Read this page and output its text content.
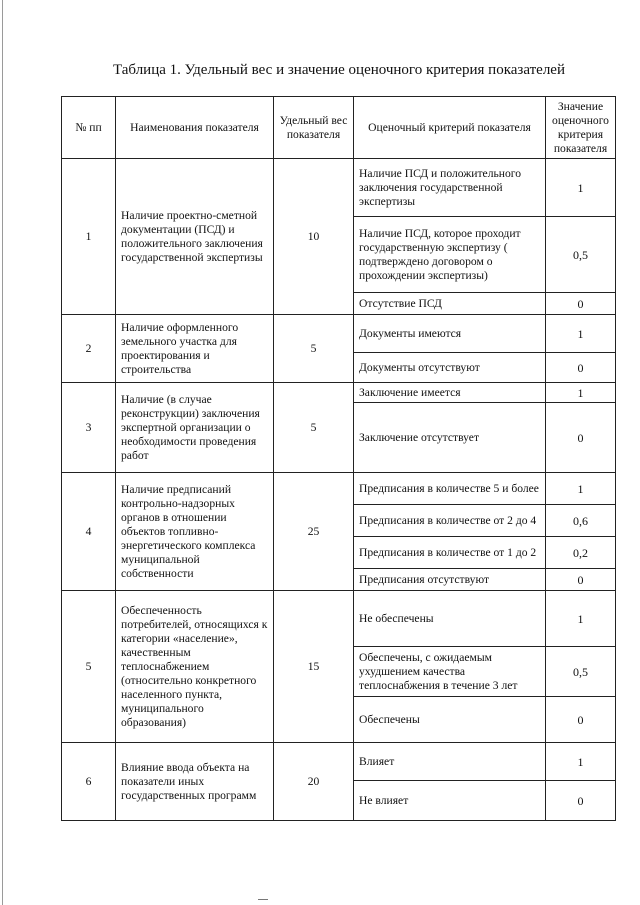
Таблица 1. Удельный вес и значение оценочного критерия показателей
№ пп	Наименования показателя	Удельный вес показателя	Оценочный критерий показателя	Значение оценочного критерия показателя
1	Наличие проектно-сметной документации (ПСД) и положительного заключения государственной экспертизы	10	Наличие ПСД и положительного заключения государственной экспертизы	1
			Наличие ПСД, которое проходит государственную экспертизу ( подтверждено договором о прохождении экспертизы)	0,5
			Отсутствие ПСД	0
2	Наличие оформленного земельного участка для проектирования и строительства	5	Документы имеются	1
			Документы отсутствуют	0
3	Наличие (в случае реконструкции) заключения экспертной организации о необходимости проведения работ	5	Заключение имеется	1
			Заключение отсутствует	0
4	Наличие предписаний контрольно-надзорных органов в отношении объектов топливно-энергетического комплекса муниципальной собственности	25	Предписания в количестве 5 и более	1
			Предписания в количестве от 2 до 4	0,6
			Предписания в количестве от 1 до 2	0,2
			Предписания отсутствуют	0
5	Обеспеченность потребителей, относящихся к категории «население», качественным теплоснабжением (относительно конкретного населенного пункта, муниципального образования)	15	Не обеспечены	1
			Обеспечены, с ожидаемым ухудшением качества теплоснабжения в течение 3 лет	0,5
			Обеспечены	0
6	Влияние ввода объекта на показатели иных государственных программ	20	Влияет	1
			Не влияет	0
